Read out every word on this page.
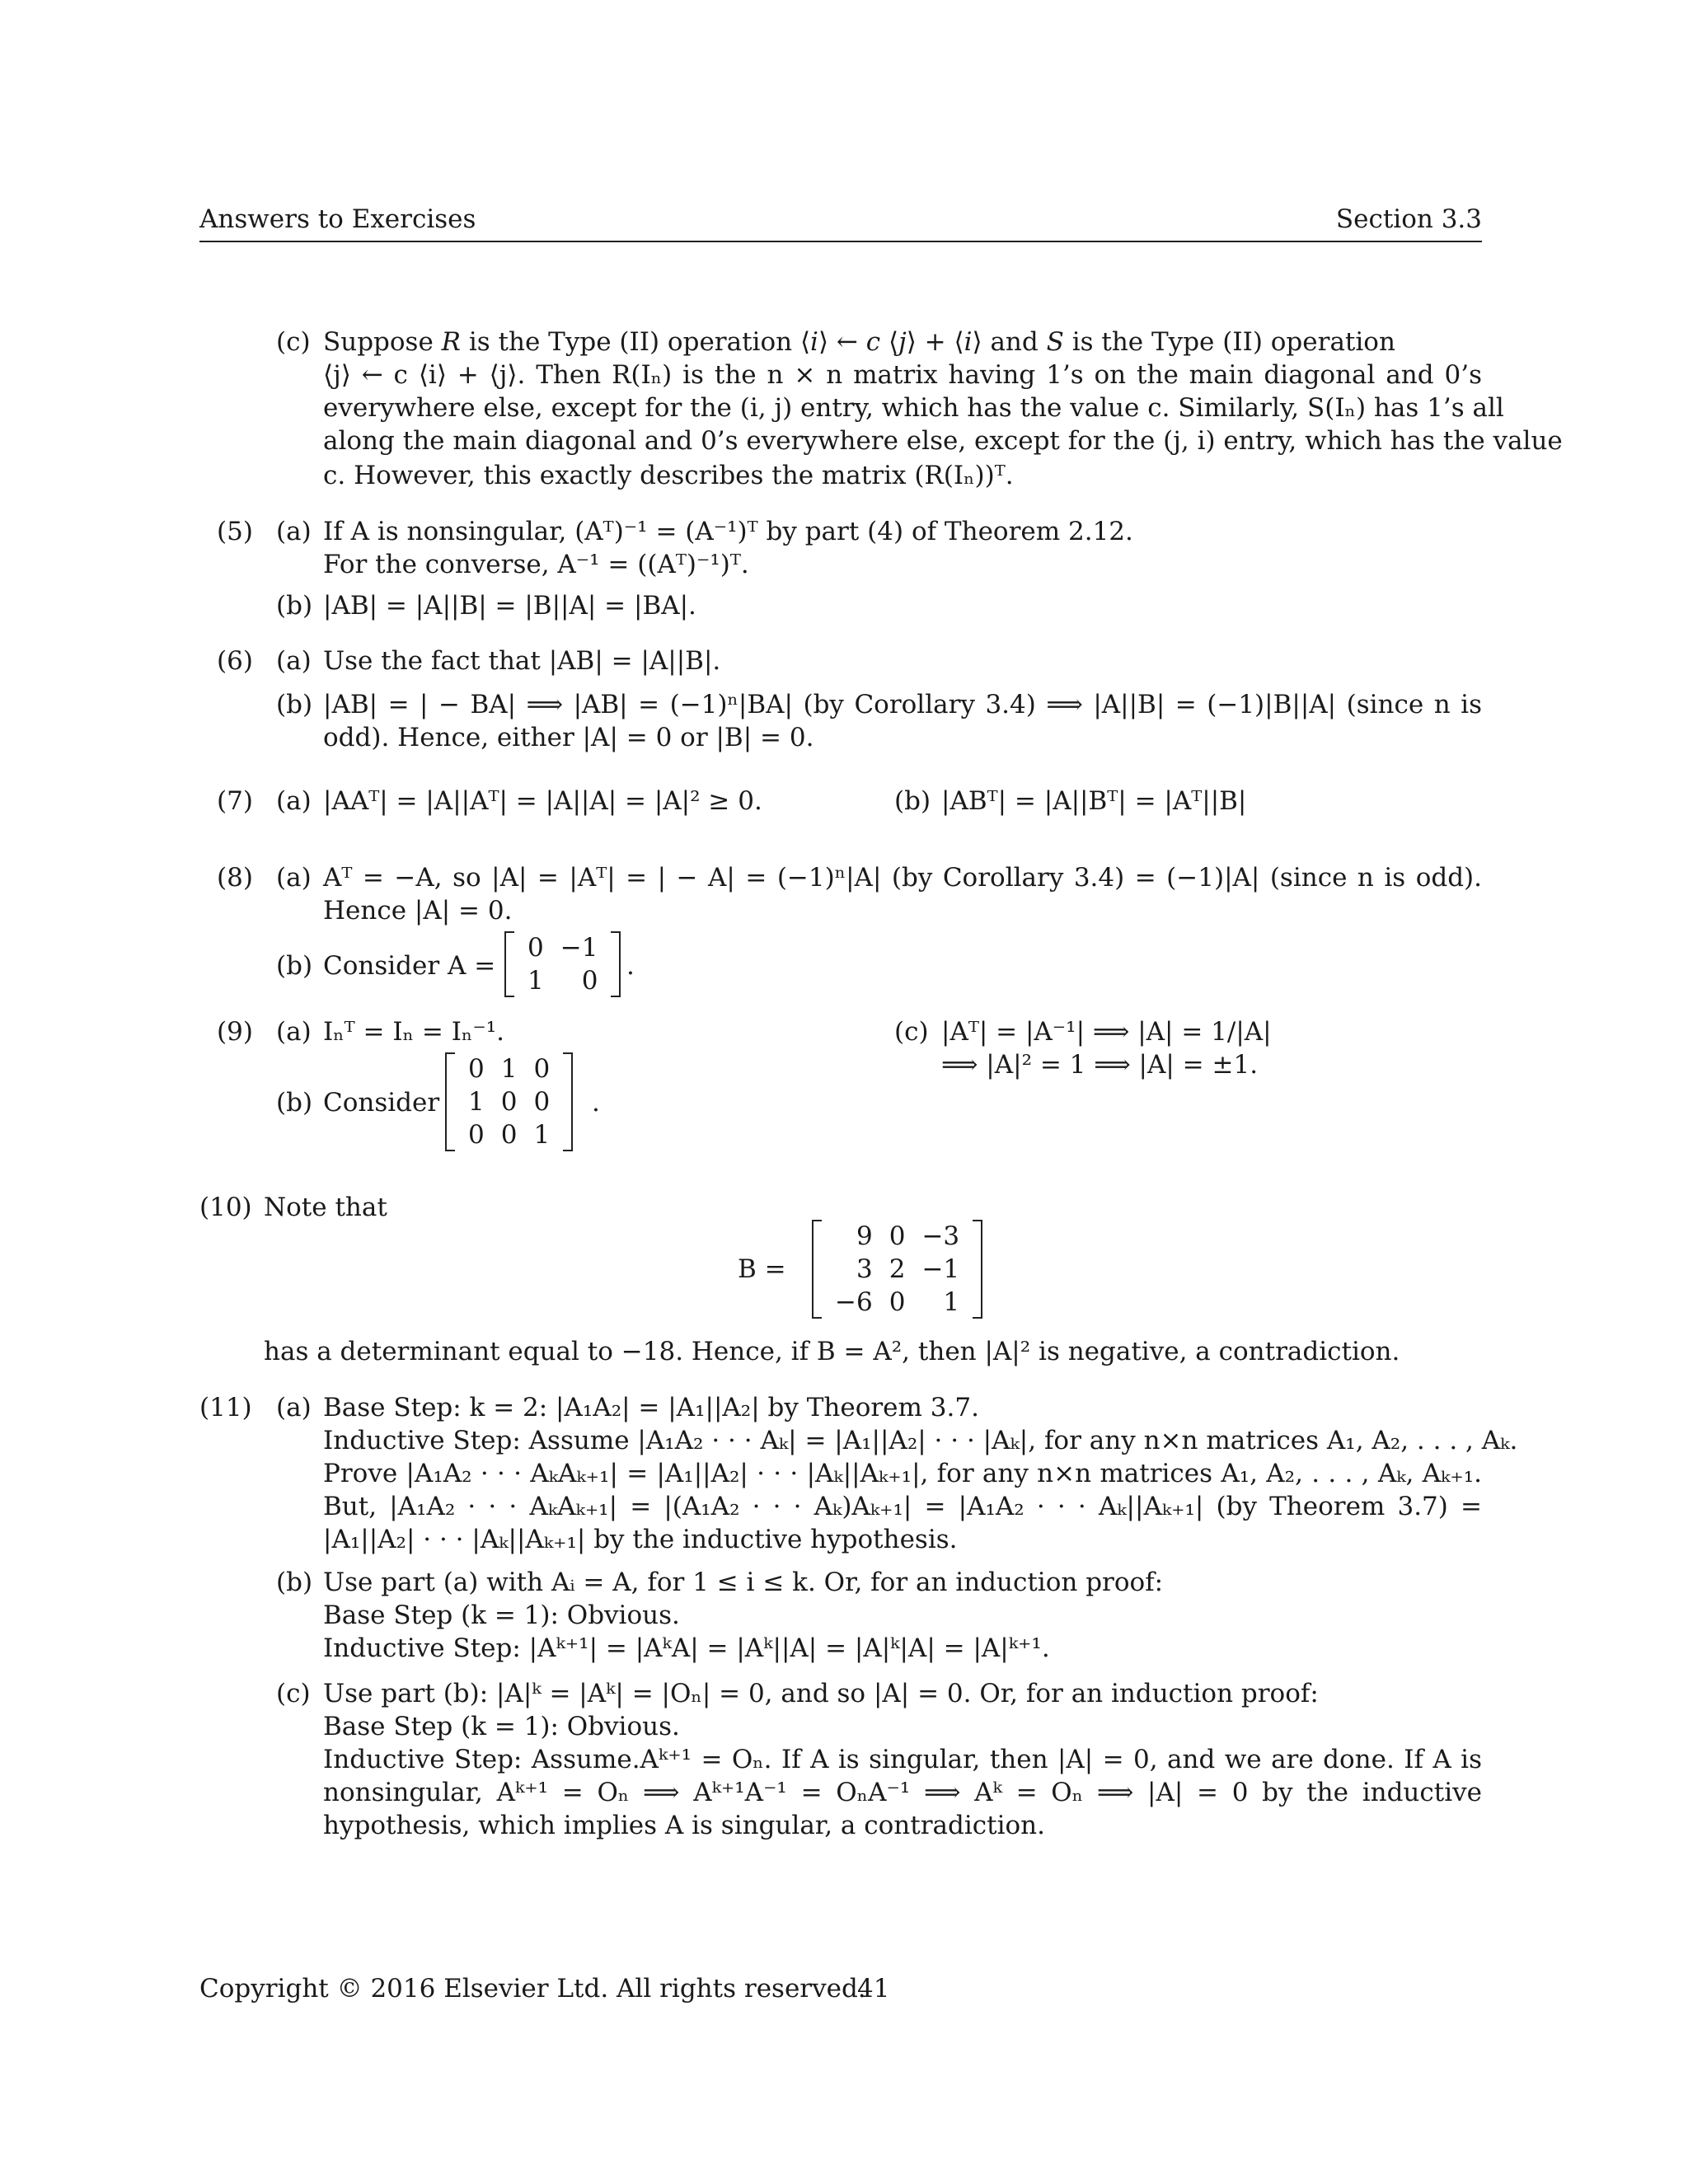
Answers to Exercises	Section 3.3
(c) Suppose R is the Type (II) operation ⟨i⟩ ← c ⟨j⟩ + ⟨i⟩ and S is the Type (II) operation
⟨j⟩ ← c ⟨i⟩ + ⟨j⟩. Then R(Iₙ) is the n × n matrix having 1’s on the main diagonal and 0’s
everywhere else, except for the (i, j) entry, which has the value c. Similarly, S(Iₙ) has 1’s all
along the main diagonal and 0’s everywhere else, except for the (j, i) entry, which has the value
c. However, this exactly describes the matrix (R(Iₙ))ᵀ.
(5) (a) If A is nonsingular, (Aᵀ)⁻¹ = (A⁻¹)ᵀ by part (4) of Theorem 2.12.
For the converse, A⁻¹ = ((Aᵀ)⁻¹)ᵀ.
(b) |AB| = |A||B| = |B||A| = |BA|.
(6) (a) Use the fact that |AB| = |A||B|.
(b) |AB| = | − BA| ⟹ |AB| = (−1)ⁿ|BA| (by Corollary 3.4) ⟹ |A||B| = (−1)|B||A| (since n is
odd). Hence, either |A| = 0 or |B| = 0.
(7) (a) |AAᵀ| = |A||Aᵀ| = |A||A| = |A|² ≥ 0.	(b) |ABᵀ| = |A||Bᵀ| = |Aᵀ||B|
(8) (a) Aᵀ = −A, so |A| = |Aᵀ| = | − A| = (−1)ⁿ|A| (by Corollary 3.4) = (−1)|A| (since n is odd).
Hence |A| = 0.
(b) Consider A =
0	−1
1	0 .
(9) (a) Iₙᵀ = Iₙ = Iₙ⁻¹.	(c) |Aᵀ| = |A⁻¹| ⟹ |A| = 1/|A|
⟹ |A|² = 1 ⟹ |A| = ±1.
(b) Consider
0	1	0
1	0	0
0	0	1
.
(10) Note that
B =
9	0	−3
3	2	−1
−6	0	1
has a determinant equal to −18. Hence, if B = A², then |A|² is negative, a contradiction.
(11) (a) Base Step: k = 2: |A₁A₂| = |A₁||A₂| by Theorem 3.7.
Inductive Step: Assume |A₁A₂ · · · Aₖ| = |A₁||A₂| · · · |Aₖ|, for any n×n matrices A₁, A₂, . . . , Aₖ.
Prove |A₁A₂ · · · AₖAₖ₊₁| = |A₁||A₂| · · · |Aₖ||Aₖ₊₁|, for any n×n matrices A₁, A₂, . . . , Aₖ, Aₖ₊₁.
But, |A₁A₂ · · · AₖAₖ₊₁| = |(A₁A₂ · · · Aₖ)Aₖ₊₁| = |A₁A₂ · · · Aₖ||Aₖ₊₁| (by Theorem 3.7) =
|A₁||A₂| · · · |Aₖ||Aₖ₊₁| by the inductive hypothesis.
(b) Use part (a) with Aᵢ = A, for 1 ≤ i ≤ k. Or, for an induction proof:
Base Step (k = 1): Obvious.
Inductive Step: |Aᵏ⁺¹| = |AᵏA| = |Aᵏ||A| = |A|ᵏ|A| = |A|ᵏ⁺¹.
(c) Use part (b): |A|ᵏ = |Aᵏ| = |Oₙ| = 0, and so |A| = 0. Or, for an induction proof:
Base Step (k = 1): Obvious.
Inductive Step: Assume.Aᵏ⁺¹ = Oₙ. If A is singular, then |A| = 0, and we are done. If A is
nonsingular, Aᵏ⁺¹ = Oₙ ⟹ Aᵏ⁺¹A⁻¹ = OₙA⁻¹ ⟹ Aᵏ = Oₙ ⟹ |A| = 0 by the inductive
hypothesis, which implies A is singular, a contradiction.
Copyright © 2016 Elsevier Ltd. All rights reserved.
41
